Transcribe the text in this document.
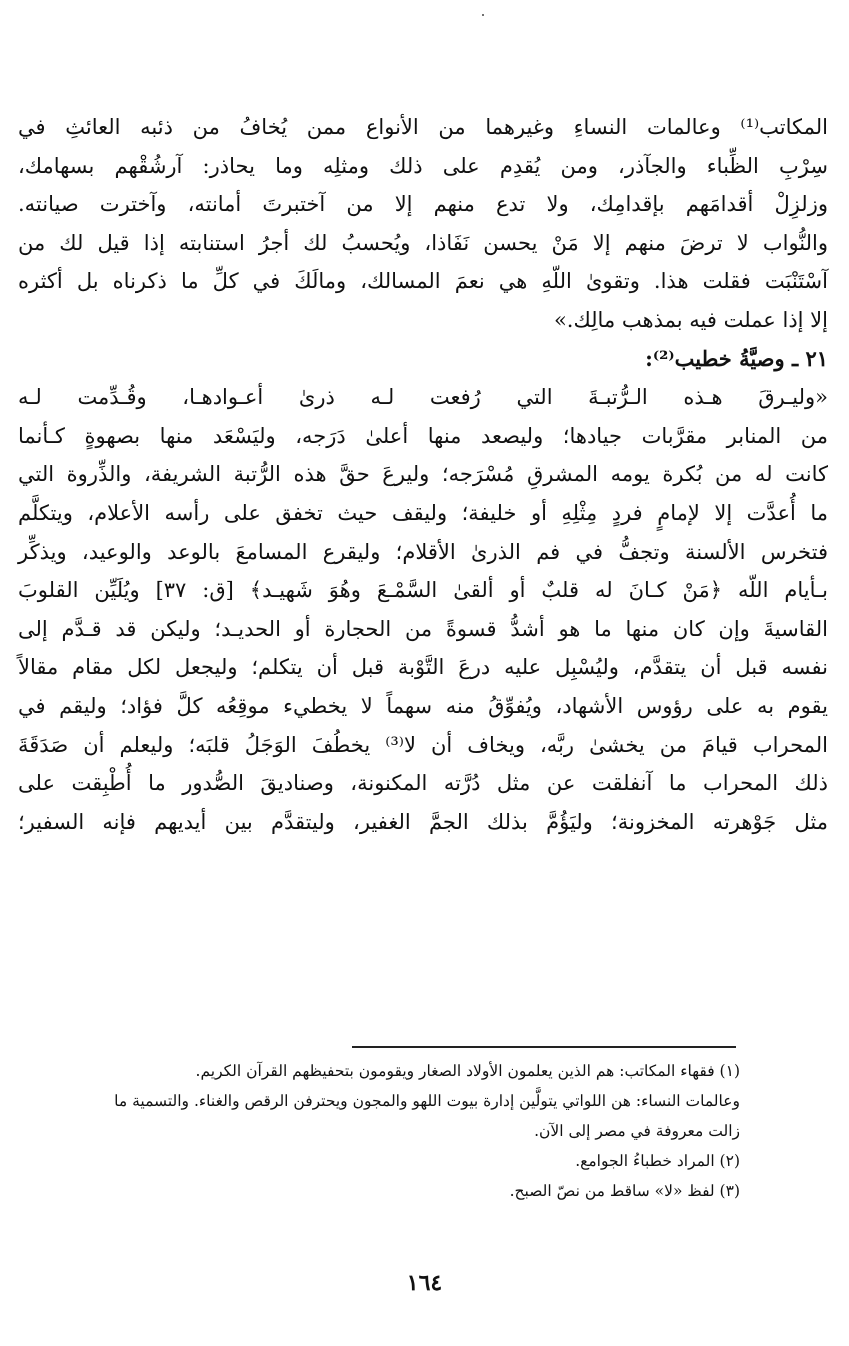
المكاتب⁽¹⁾ وعالمات النساءِ وغيرهما من الأنواع ممن يُخافُ من ذئبه العائثِ في
سِرْبِ الظِّباء والجآذر، ومن يُقدِم على ذلك ومثلِه وما يحاذر: آرشُقْهم بسهامك،
وزلزِلْ أقدامَهم بإقدامِك، ولا تدع منهم إلا من آختبرتَ أمانته، وآخترت صيانته.
والنُّواب لا ترضَ منهم إلا مَنْ يحسن نَفَاذا، ويُحسبُ لك أجرُ استنابته إذا قيل لك من
آسْتَنْبَت فقلت هذا. وتقوىٰ اللّهِ هي نعمَ المسالك، ومالَكَ في كلِّ ما ذكرناه بل أكثره
إلا إذا عملت فيه بمذهب مالِك.»
٢١ ـ وصيَّةُ خطيب⁽²⁾:
«وليـرقَ هـذه الـرُّتبـةَ التي رُفعت لـه ذرىٰ أعـوادهـا، وقُـدِّمت لـه
من المنابر مقرَّبات جيادها؛ وليصعد منها أعلىٰ دَرَجه، وليَسْعَد منها بصهوةٍ كـأنما
كانت له من بُكرة يومه المشرقِ مُسْرَجه؛ وليرعَ حقَّ هذه الرُّتبة الشريفة، والذِّروة التي
ما أُعدَّت إلا لإمامٍ فردٍ مِثْلِهِ أو خليفة؛ وليقف حيث تخفق على رأسه الأعلام، ويتكلَّم
فتخرس الألسنة وتجفُّ في فم الذرىٰ الأقلام؛ وليقرع المسامعَ بالوعد والوعيد، ويذكِّر
بـأيام اللّه ﴿مَنْ كـانَ له قلبٌ أو ألقىٰ السَّمْـعَ وهُوَ شَهيـد﴾ [ق: ٣٧] ويُلَيِّن القلوبَ
القاسيةَ وإن كان منها ما هو أشدُّ قسوةً من الحجارة أو الحديـد؛ وليكن قد قـدَّم إلى
نفسه قبل أن يتقدَّم، وليُسْبِل عليه درعَ التَّوْبة قبل أن يتكلم؛ وليجعل لكل مقام مقالاً
يقوم به على رؤوس الأشهاد، ويُفوِّقُ منه سهماً لا يخطيء موقِعُه كلَّ فؤاد؛ وليقم في
المحراب قيامَ من يخشىٰ ربَّه، ويخاف أن لا⁽³⁾ يخطُفَ الوَجَلُ قلبَه؛ وليعلم أن صَدَقَةَ
ذلك المحراب ما آنفلقت عن مثل دُرَّته المكنونة، وصناديقَ الصُّدور ما أُطْبِقت على
مثل جَوْهرته المخزونة؛ وليَؤُمَّ بذلك الجمَّ الغفير، وليتقدَّم بين أيديهم فإنه السفير؛
(١) فقهاء المكاتب: هم الذين يعلمون الأولاد الصغار ويقومون بتحفيظهم القرآن الكريم.
وعالمات النساء: هن اللواتي يتولَّين إدارة بيوت اللهو والمجون ويحترفن الرقص والغناء. والتسمية ما
زالت معروفة في مصر إلى الآن.
(٢) المراد خطباءُ الجوامع.
(٣) لفظ «لا» ساقط من نصّ الصبح.
١٦٤
